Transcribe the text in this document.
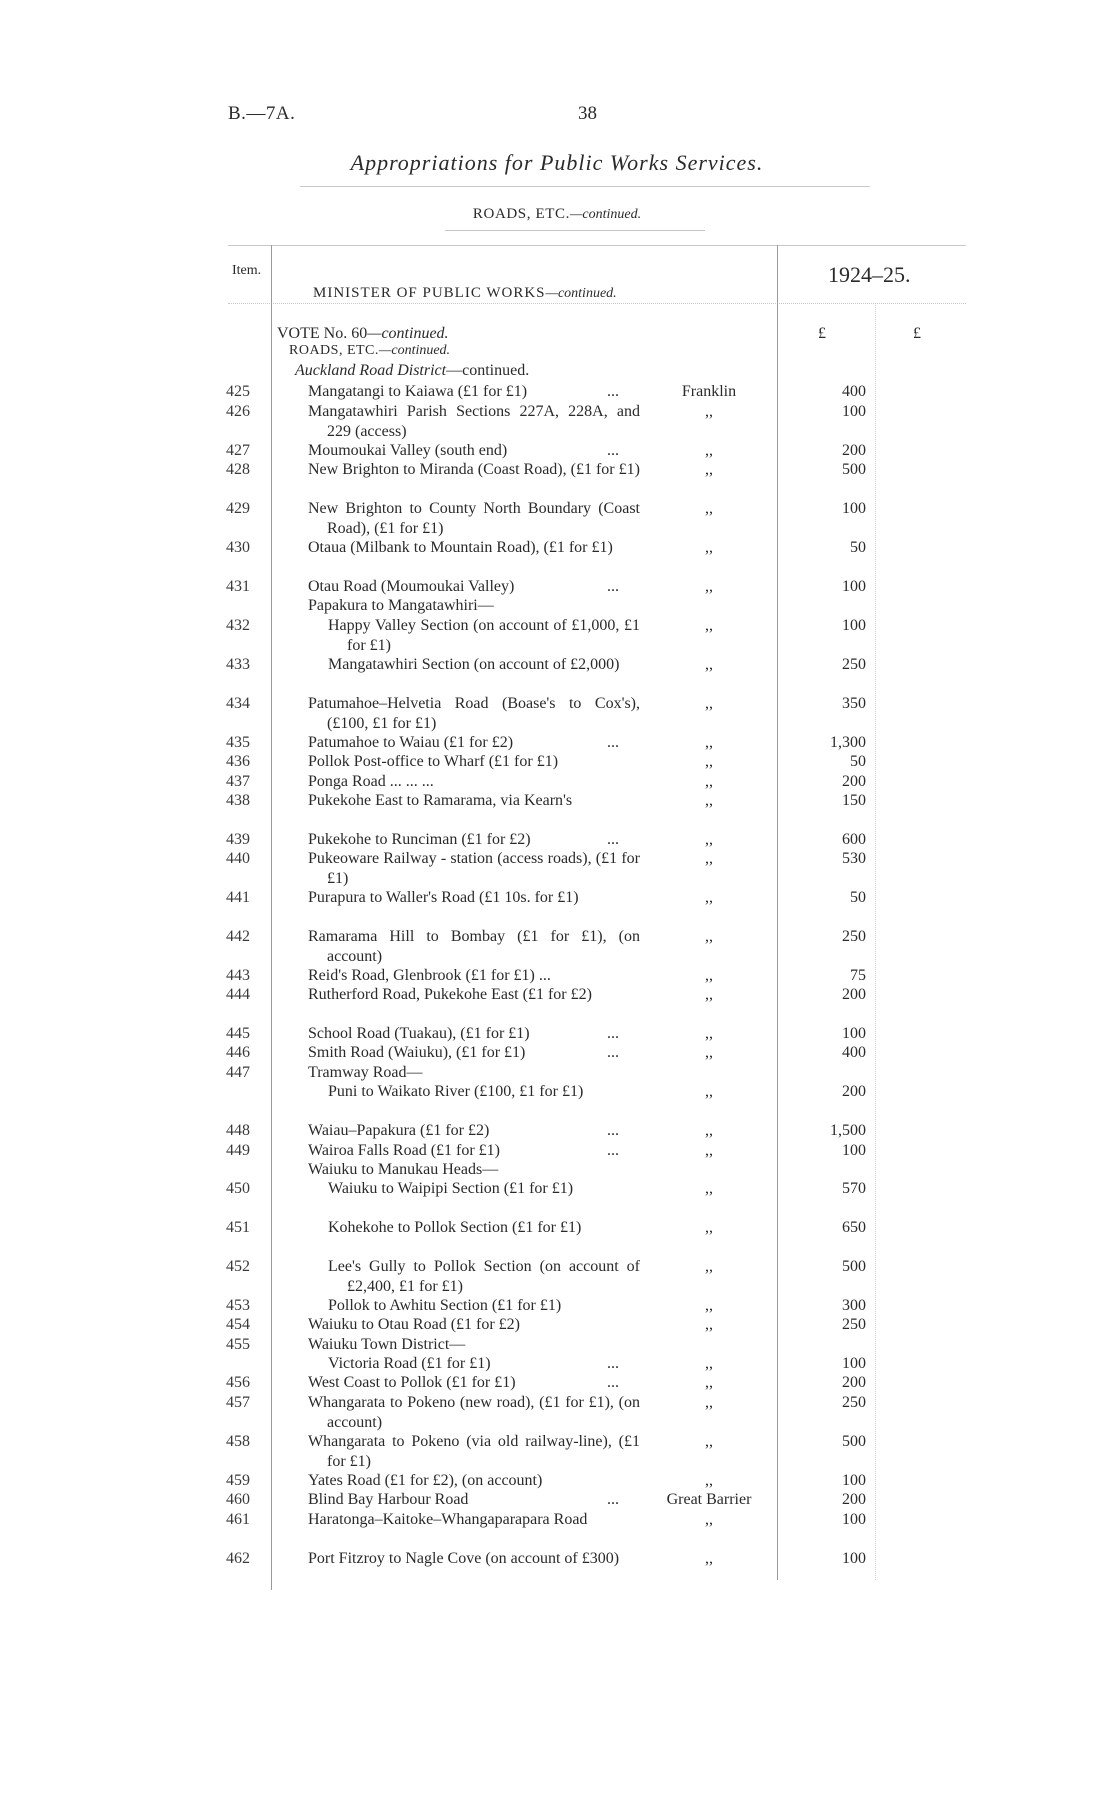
B.—7A.	38
Appropriations for Public Works Services.
ROADS, ETC.—continued.
Item.
MINISTER OF PUBLIC WORKS—continued.
1924–25.
£	£
VOTE No. 60—continued.
ROADS, ETC.—continued.
Auckland Road District—continued.
425	Mangatangi to Kaiawa (£1 for £1)	...	Franklin	400
426	Mangatawhiri Parish Sections 227A, 228A, and 229 (access)
,,	100
427	Moumoukai Valley (south end)	...	,,	200
428	New Brighton to Miranda (Coast Road), (£1 for £1)	,,	500
429	New Brighton to County North Boundary (Coast Road), (£1 for £1)
,,	100
430	Otaua (Milbank to Mountain Road), (£1 for £1)	,,	50
431	Otau Road (Moumoukai Valley)	...	,,	100
Papakura to Mangatawhiri—
432	Happy Valley Section (on account of £1,000, £1 for £1)
,,	100
433	Mangatawhiri Section (on account of £2,000)	,,	250
434	Patumahoe–Helvetia Road (Boase's to Cox's), (£100, £1 for £1)
,,	350
435	Patumahoe to Waiau (£1 for £2)	...	,,	1,300
436	Pollok Post-office to Wharf (£1 for £1)	,,	50
437	Ponga Road ... ... ...	,,	200
438	Pukekohe East to Ramarama, via Kearn's	,,	150
439	Pukekohe to Runciman (£1 for £2)	...	,,	600
440	Pukeoware Railway - station (access roads), (£1 for £1)
,,	530
441	Purapura to Waller's Road (£1 10s. for £1)	,,	50
442	Ramarama Hill to Bombay (£1 for £1), (on account)
,,	250
443	Reid's Road, Glenbrook (£1 for £1) ...	,,	75
444	Rutherford Road, Pukekohe East (£1 for £2)	,,	200
445	School Road (Tuakau), (£1 for £1)	...	,,	100
446	Smith Road (Waiuku), (£1 for £1)	...	,,	400
447	Tramway Road—
Puni to Waikato River (£100, £1 for £1)	,,	200
448	Waiau–Papakura (£1 for £2)	...	,,	1,500
449	Wairoa Falls Road (£1 for £1)	...	,,	100
Waiuku to Manukau Heads—
450	Waiuku to Waipipi Section (£1 for £1)	,,	570
451	Kohekohe to Pollok Section (£1 for £1)	,,	650
452	Lee's Gully to Pollok Section (on account of £2,400, £1 for £1)
,,	500
453	Pollok to Awhitu Section (£1 for £1)	,,	300
454	Waiuku to Otau Road (£1 for £2)	,,	250
455	Waiuku Town District—
Victoria Road (£1 for £1)	...	,,	100
456	West Coast to Pollok (£1 for £1)	...	,,	200
457	Whangarata to Pokeno (new road), (£1 for £1), (on account)
,,	250
458	Whangarata to Pokeno (via old railway-line), (£1 for £1)
,,	500
459	Yates Road (£1 for £2), (on account)	,,	100
460	Blind Bay Harbour Road	...	Great Barrier	200
461	Haratonga–Kaitoke–Whangaparapara Road	,,	100
462	Port Fitzroy to Nagle Cove (on account of £300)	,,	100
